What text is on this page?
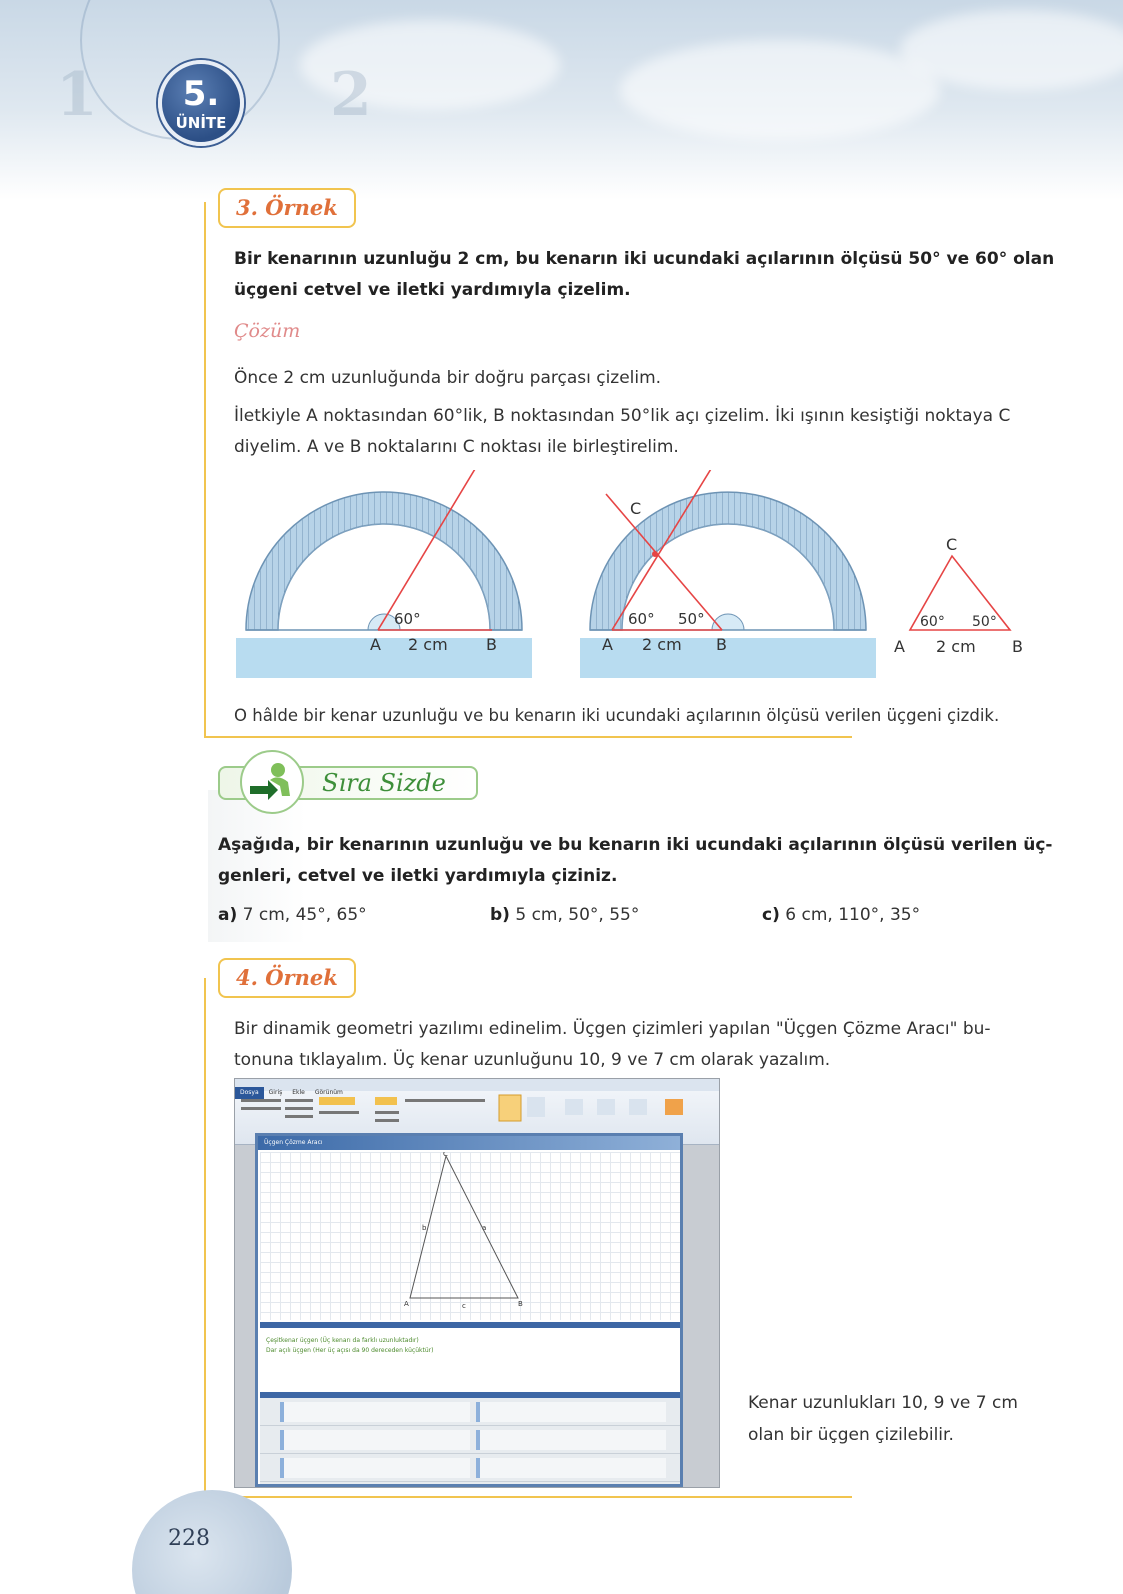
1	2
5.
ÜNİTE
3. Örnek
Bir kenarının uzunluğu 2 cm, bu kenarın iki ucundaki açılarının ölçüsü 50° ve 60° olan
üçgeni cetvel ve iletki yardımıyla çizelim.
Çözüm
Önce 2 cm uzunluğunda bir doğru parçası çizelim.
İletkiyle A noktasından 60°lik, B noktasından 50°lik açı çizelim. İki ışının kesiştiği noktaya C
diyelim. A ve B noktalarını C noktası ile birleştirelim.
60°
A 2 cm B
C
60° 50°
A 2 cm B
C
60° 50°
A 2 cm B
O hâlde bir kenar uzunluğu ve bu kenarın iki ucundaki açılarının ölçüsü verilen üçgeni çizdik.
Sıra Sizde
Aşağıda, bir kenarının uzunluğu ve bu kenarın iki ucundaki açılarının ölçüsü verilen üç-
genleri, cetvel ve iletki yardımıyla çiziniz.
a) 7 cm, 45°, 65°	b) 5 cm, 50°, 55°	c) 6 cm, 110°, 35°
4. Örnek
Bir dinamik geometri yazılımı edinelim. Üçgen çizimleri yapılan "Üçgen Çözme Aracı" bu-
tonuna tıklayalım. Üç kenar uzunluğunu 10, 9 ve 7 cm olarak yazalım.
Dosya Giriş Ekle Görünüm
Üçgen Çözme Aracı
C
A	B
b	a
c
Çeşitkenar üçgen (Üç kenarı da farklı uzunluktadır)
Dar açılı üçgen (Her üç açısı da 90 dereceden küçüktür)
Kenar uzunlukları 10, 9 ve 7 cm
olan bir üçgen çizilebilir.
228
